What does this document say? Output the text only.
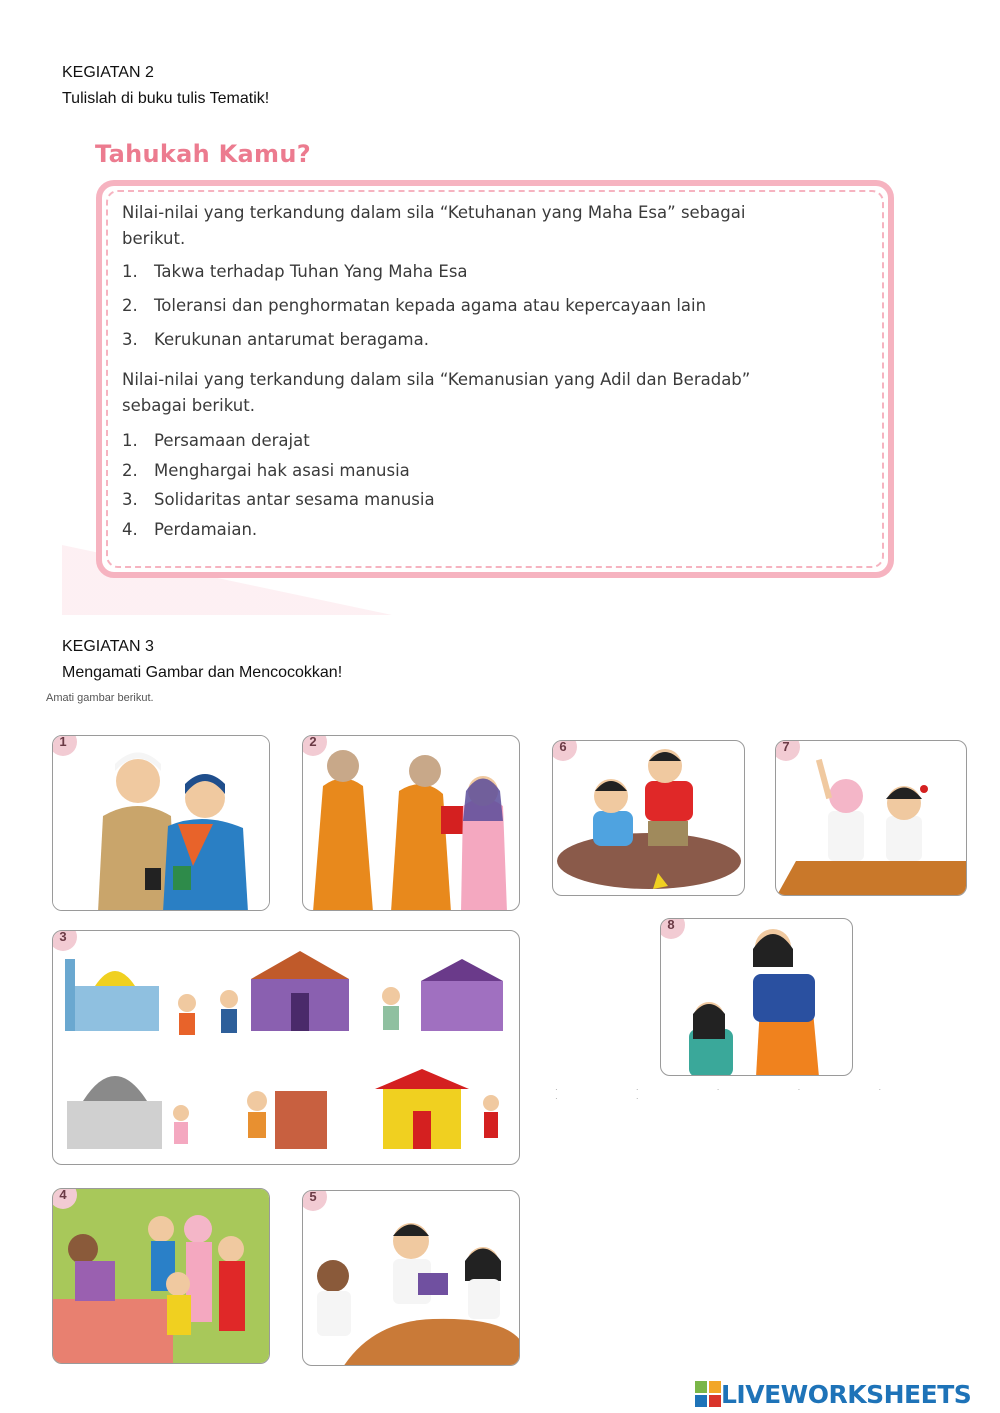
KEGIATAN 2
Tulislah di buku tulis Tematik!
Tahukah Kamu?
Nilai-nilai yang terkandung dalam sila “Ketuhanan yang Maha Esa” sebagai
berikut.
1. Takwa terhadap Tuhan Yang Maha Esa
2. Toleransi dan penghormatan kepada agama atau kepercayaan lain
3. Kerukunan antarumat beragama.
Nilai-nilai yang terkandung dalam sila “Kemanusian yang Adil dan Beradab”
sebagai berikut.
1. Persamaan derajat
2. Menghargai hak asasi manusia
3. Solidaritas antar sesama manusia
4. Perdamaian.
KEGIATAN 3
Mengamati Gambar dan Mencocokkan!
Amati gambar berikut.
1	2	6	7
3
8
4	5
· · · · · · ·
LIVEWORKSHEETS
